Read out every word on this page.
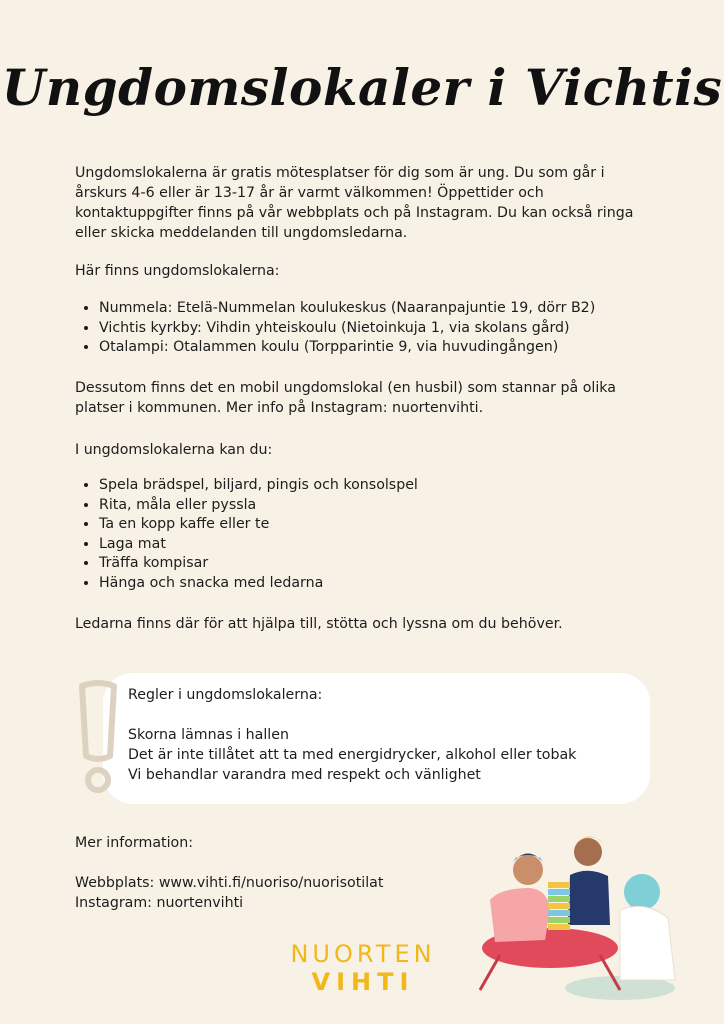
Ungdomslokaler i Vichtis

Ungdomslokalerna är gratis mötesplatser för dig som är ung. Du som går i årskurs 4-6 eller är 13-17 år är varmt välkommen! Öppettider och kontaktuppgifter finns på vår webbplats och på Instagram. Du kan också ringa eller skicka meddelanden till ungdomsledarna.

Här finns ungdomslokalerna:

• Nummela: Etelä-Nummelan koulukeskus (Naaranpajuntie 19, dörr B2)
• Vichtis kyrkby: Vihdin yhteiskoulu (Nietoinkuja 1, via skolans gård)
• Otalampi: Otalammen koulu (Torpparintie 9, via huvudingången)

Dessutom finns det en mobil ungdomslokal (en husbil) som stannar på olika platser i kommunen. Mer info på Instagram: nuortenvihti.

I ungdomslokalerna kan du:

• Spela brädspel, biljard, pingis och konsolspel
• Rita, måla eller pyssla
• Ta en kopp kaffe eller te
• Laga mat
• Träffa kompisar
• Hänga och snacka med ledarna

Ledarna finns där för att hjälpa till, stötta och lyssna om du behöver.

Regler i ungdomslokalerna:
Skorna lämnas i hallen
Det är inte tillåtet att ta med energidrycker, alkohol eller tobak
Vi behandlar varandra med respekt och vänlighet

Mer information:

Webbplats: www.vihti.fi/nuoriso/nuorisotilat

Instagram: nuortenvihti

NUORTEN
VIHTI
